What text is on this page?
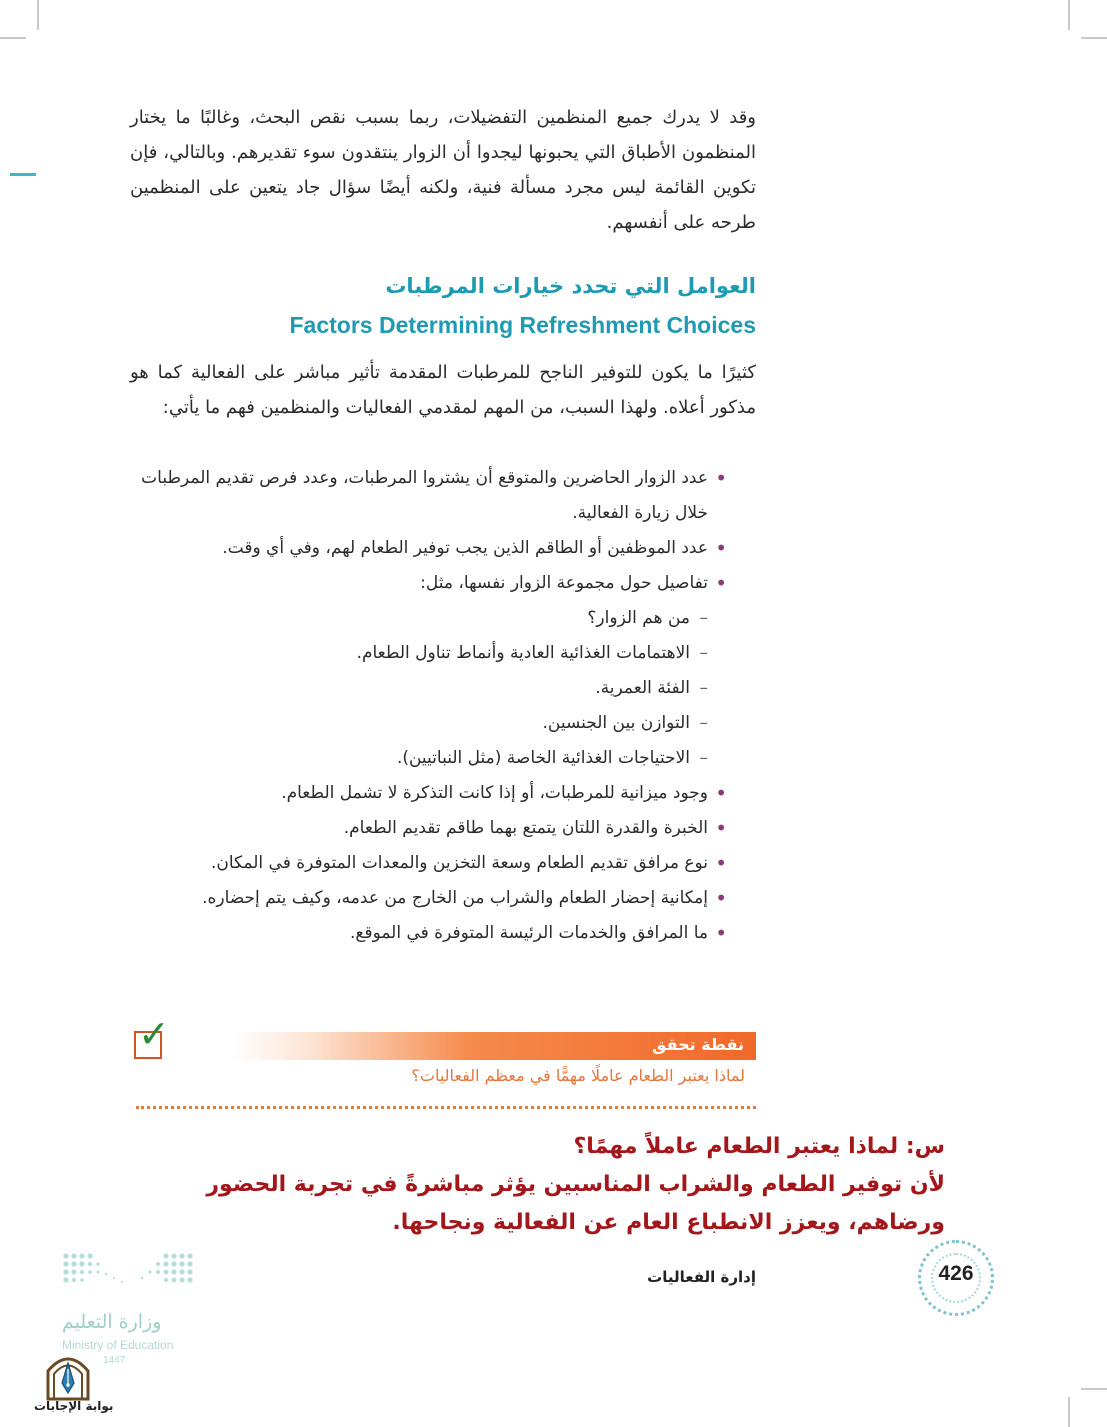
وقد لا يدرك جميع المنظمين التفضيلات، ربما بسبب نقص البحث، وغالبًا ما يختار المنظمون الأطباق التي يحبونها ليجدوا أن الزوار ينتقدون سوء تقديرهم. وبالتالي، فإن تكوين القائمة ليس مجرد مسألة فنية، ولكنه أيضًا سؤال جاد يتعين على المنظمين طرحه على أنفسهم.

العوامل التي تحدد خيارات المرطبات
Factors Determining Refreshment Choices

كثيرًا ما يكون للتوفير الناجح للمرطبات المقدمة تأثير مباشر على الفعالية كما هو مذكور أعلاه. ولهذا السبب، من المهم لمقدمي الفعاليات والمنظمين فهم ما يأتي:

• عدد الزوار الحاضرين والمتوقع أن يشتروا المرطبات، وعدد فرص تقديم المرطبات خلال زيارة الفعالية.
• عدد الموظفين أو الطاقم الذين يجب توفير الطعام لهم، وفي أي وقت.
• تفاصيل حول مجموعة الزوار نفسها، مثل:
– من هم الزوار؟
– الاهتمامات الغذائية العادية وأنماط تناول الطعام.
– الفئة العمرية.
– التوازن بين الجنسين.
– الاحتياجات الغذائية الخاصة (مثل النباتيين).
• وجود ميزانية للمرطبات، أو إذا كانت التذكرة لا تشمل الطعام.
• الخبرة والقدرة اللتان يتمتع بهما طاقم تقديم الطعام.
• نوع مرافق تقديم الطعام وسعة التخزين والمعدات المتوفرة في المكان.
• إمكانية إحضار الطعام والشراب من الخارج من عدمه، وكيف يتم إحضاره.
• ما المرافق والخدمات الرئيسة المتوفرة في الموقع.
✓	نقطة تحقق
لماذا يعتبر الطعام عاملًا مهمًّا في معظم الفعاليات؟
س: لماذا يعتبر الطعام عاملاً مهمًا؟
لأن توفير الطعام والشراب المناسبين يؤثر مباشرةً في تجربة الحضور ورضاهم، ويعزز الانطباع العام عن الفعالية ونجاحها.
إدارة الفعاليات	426
وزارة التعليم
Ministry of Education
1447
بوابة الإجابات
